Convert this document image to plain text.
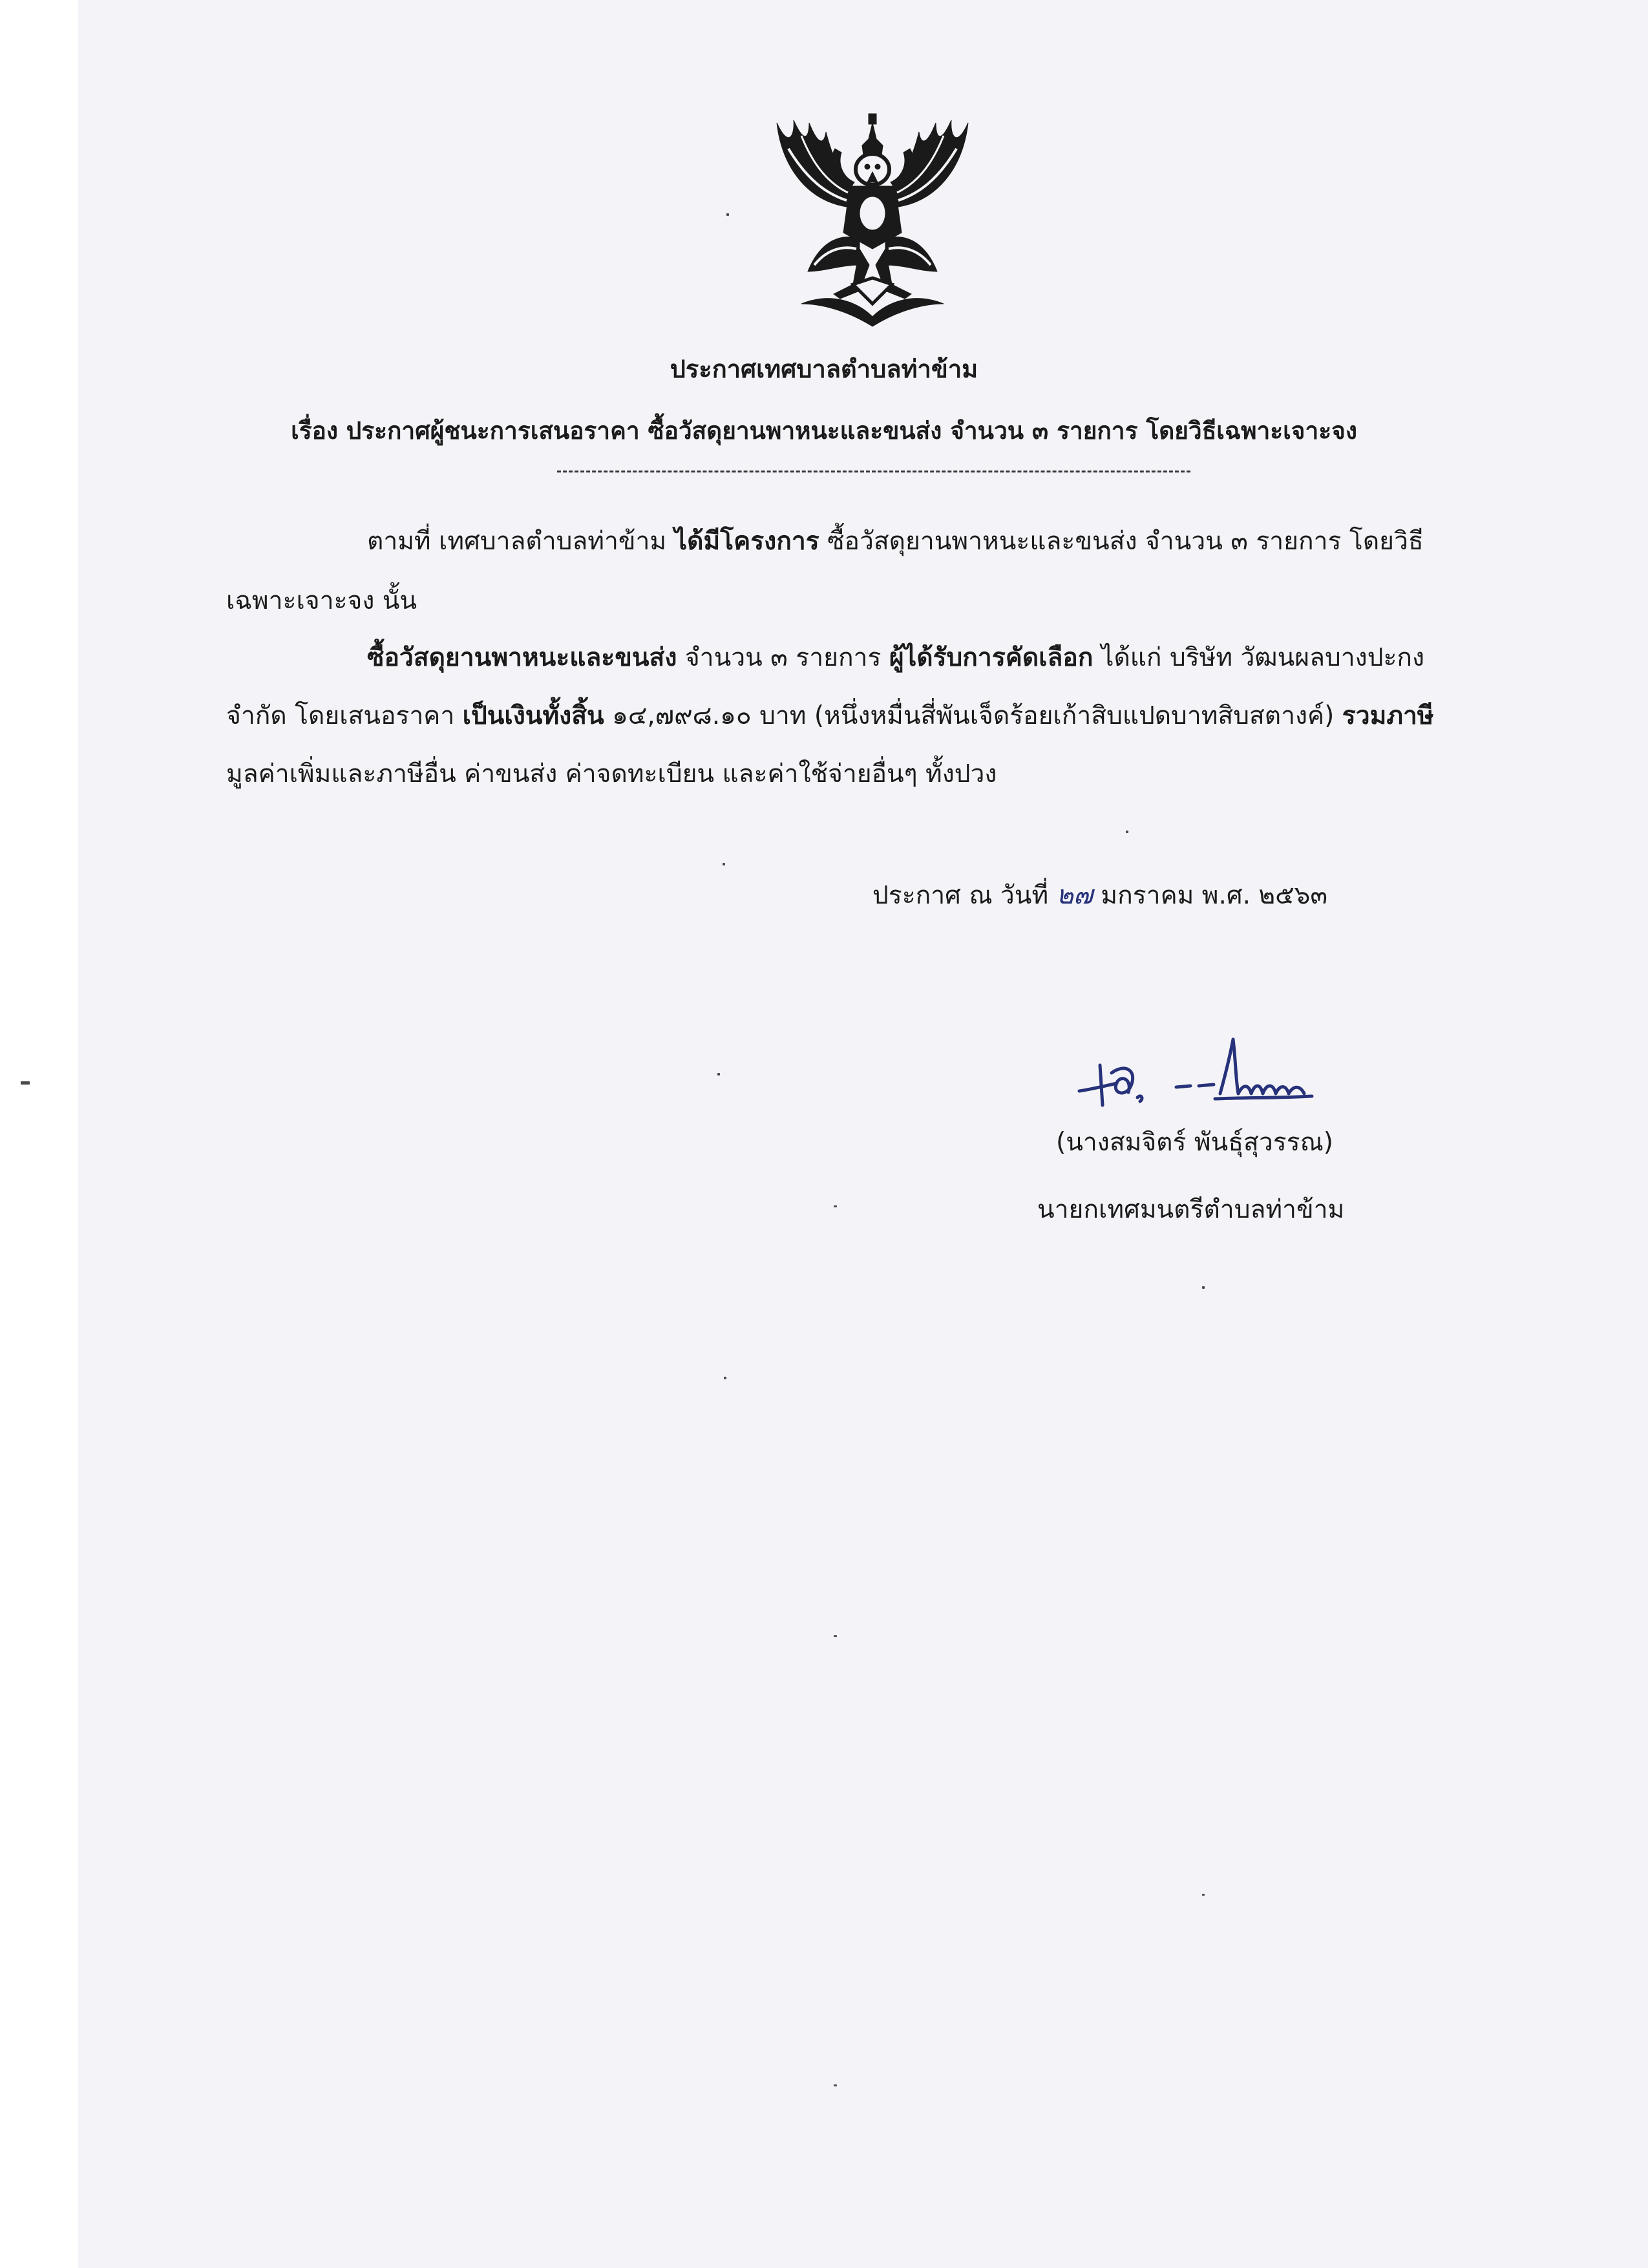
ประกาศเทศบาลตำบลท่าข้าม
เรื่อง ประกาศผู้ชนะการเสนอราคา ซื้อวัสดุยานพาหนะและขนส่ง จำนวน ๓ รายการ โดยวิธีเฉพาะเจาะจง
ตามที่ เทศบาลตำบลท่าข้าม ได้มีโครงการ ซื้อวัสดุยานพาหนะและขนส่ง จำนวน ๓ รายการ โดยวิธี
เฉพาะเจาะจง นั้น
ซื้อวัสดุยานพาหนะและขนส่ง จำนวน ๓ รายการ ผู้ได้รับการคัดเลือก ได้แก่ บริษัท วัฒนผลบางปะกง
จำกัด โดยเสนอราคา เป็นเงินทั้งสิ้น ๑๔,๗๙๘.๑๐ บาท (หนึ่งหมื่นสี่พันเจ็ดร้อยเก้าสิบแปดบาทสิบสตางค์) รวมภาษี
มูลค่าเพิ่มและภาษีอื่น ค่าขนส่ง ค่าจดทะเบียน และค่าใช้จ่ายอื่นๆ ทั้งปวง
ประกาศ ณ วันที่ ๒๗ มกราคม พ.ศ. ๒๕๖๓
(นางสมจิตร์ พันธุ์สุวรรณ)
นายกเทศมนตรีตำบลท่าข้าม
